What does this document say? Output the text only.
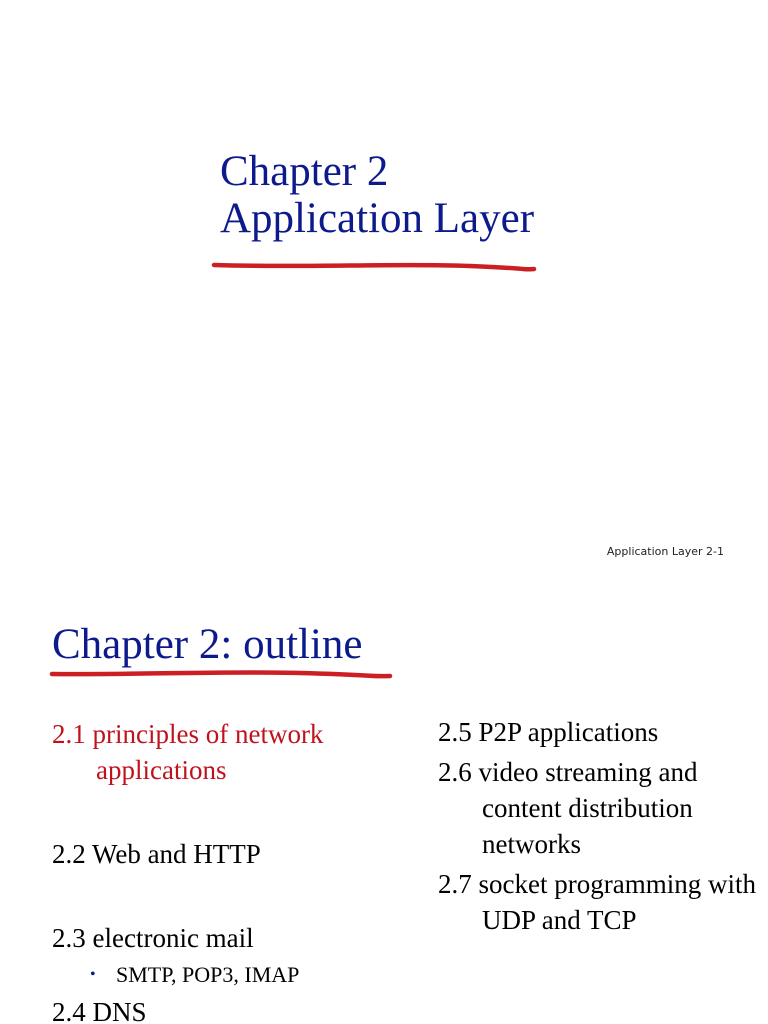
Chapter 2
Application Layer
Application Layer 2-1
Chapter 2: outline
2.1 principles of network applications
2.2 Web and HTTP
2.3 electronic mail
• SMTP, POP3, IMAP
2.4 DNS
2.5 P2P applications
2.6 video streaming and content distribution networks
2.7 socket programming with UDP and TCP
